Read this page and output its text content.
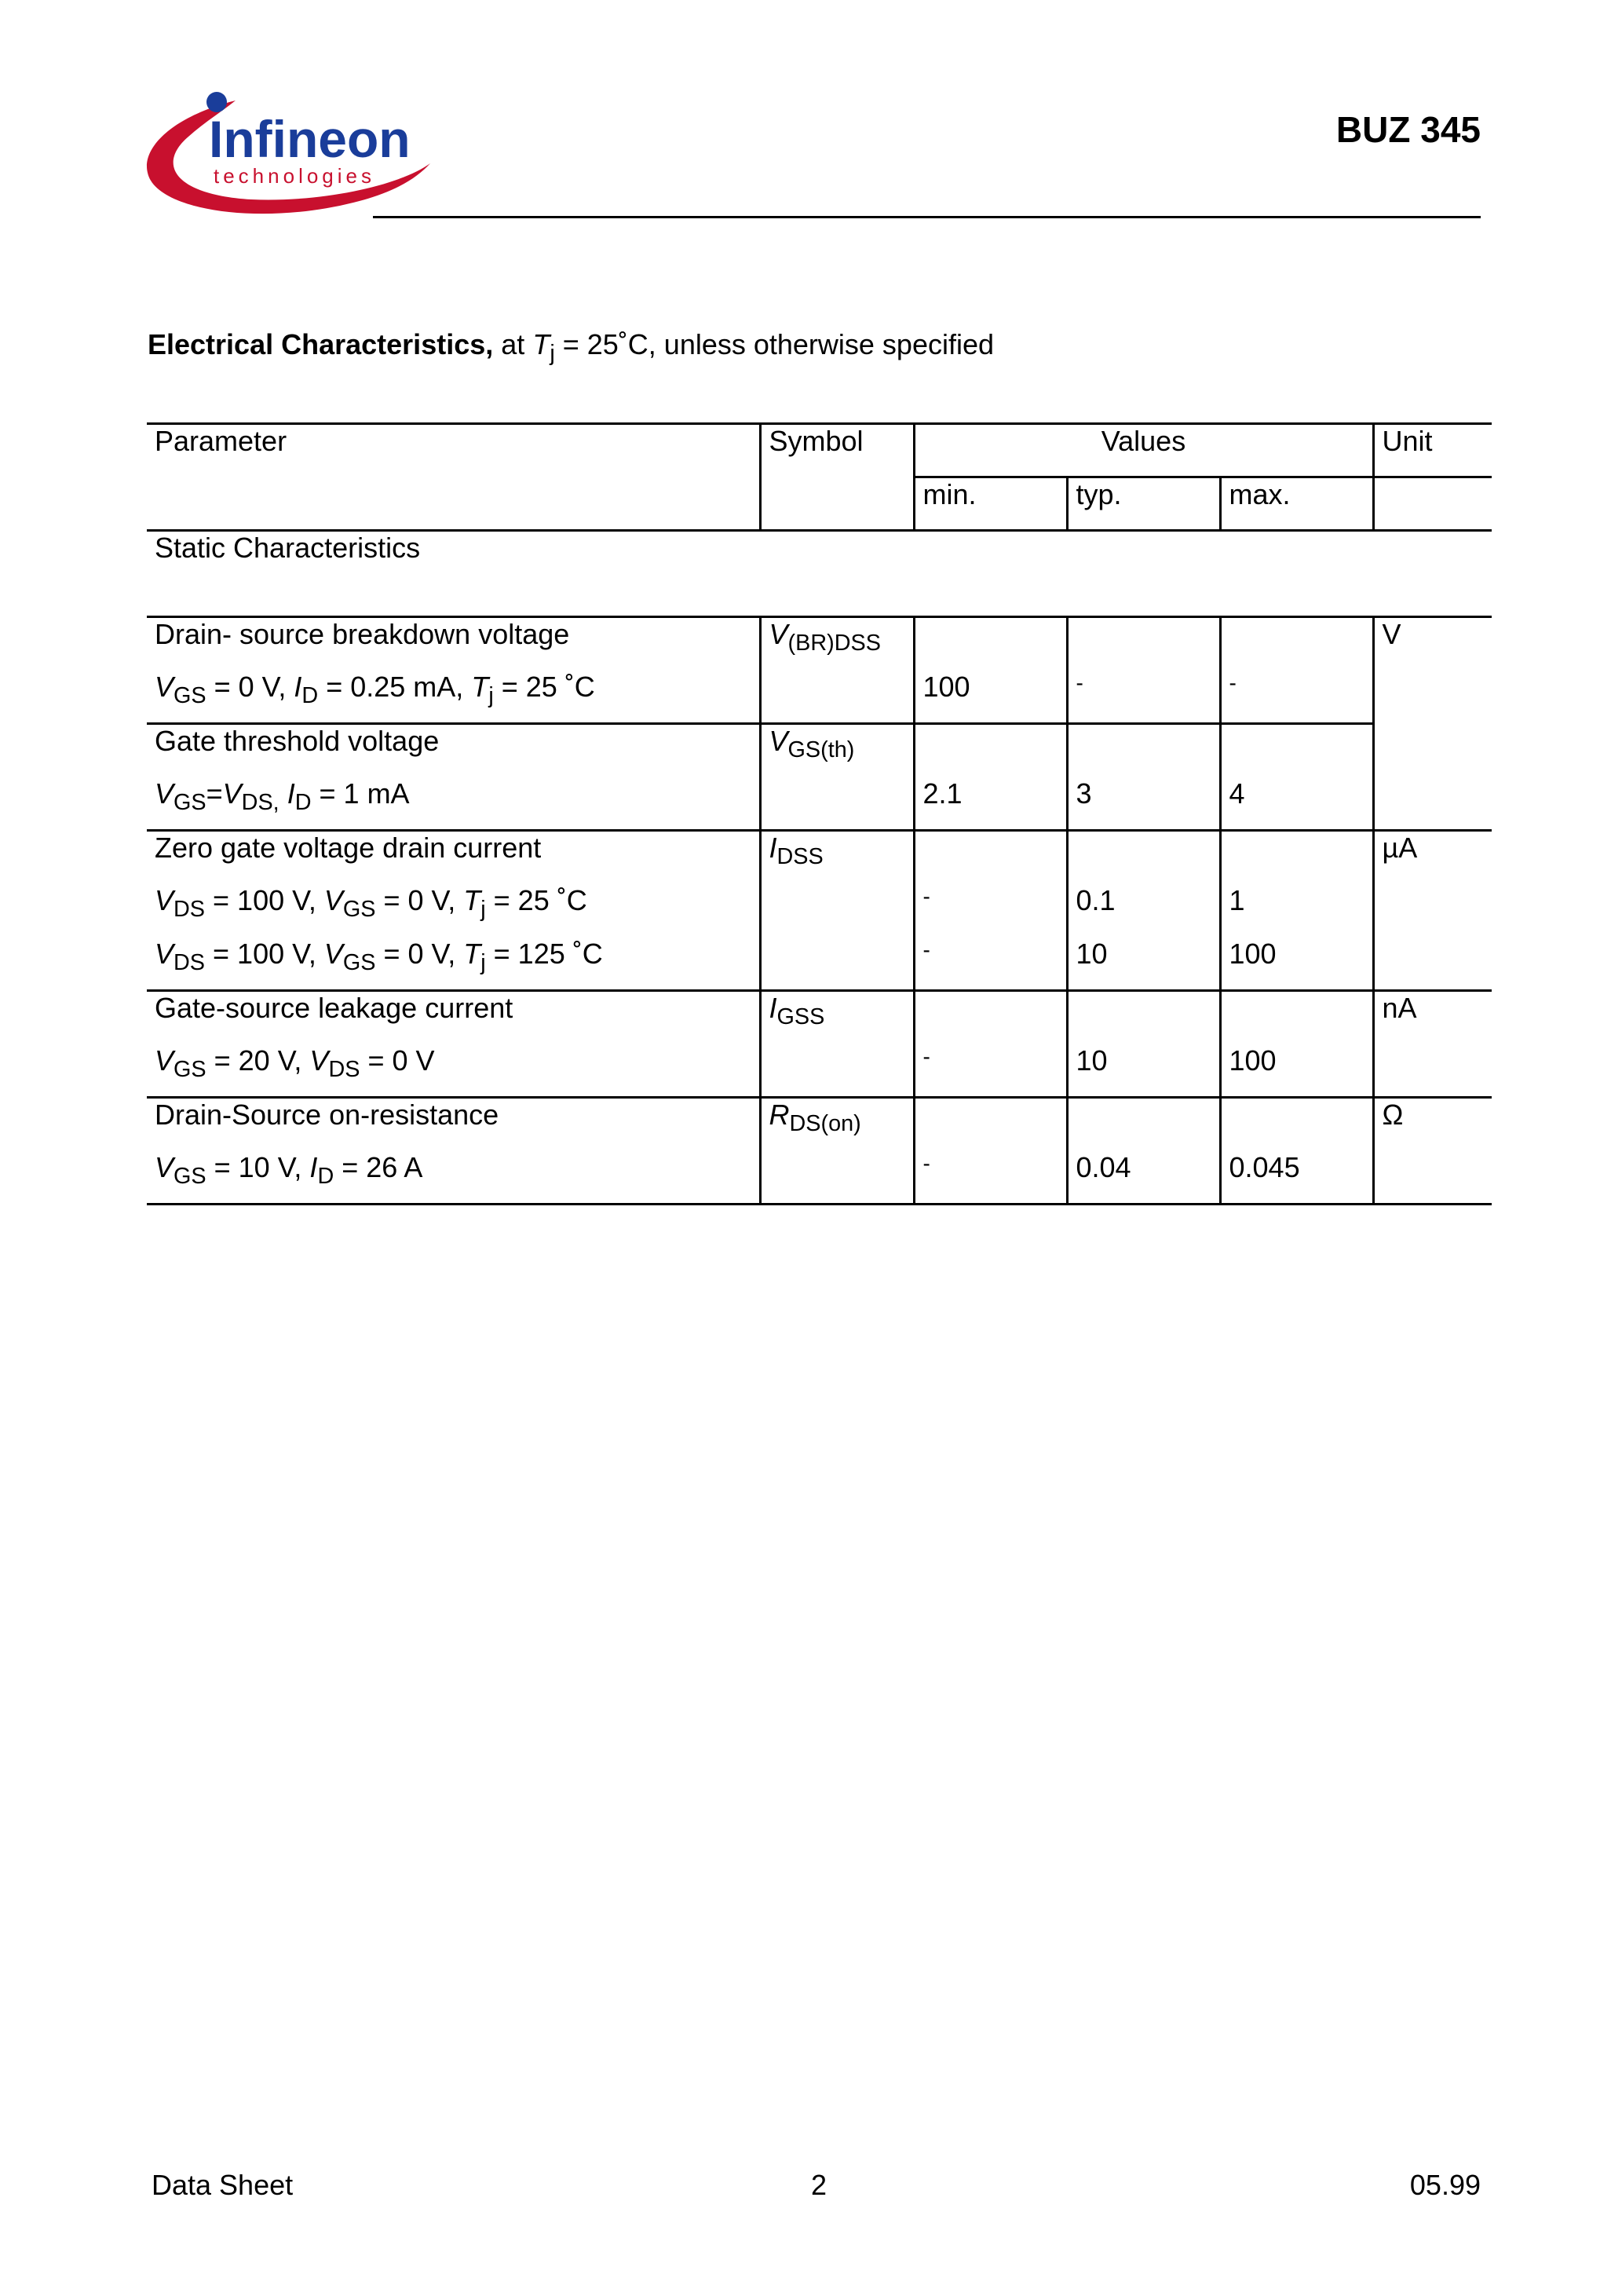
Infineon
technologies
BUZ 345
Electrical Characteristics, at $T_j$ = 25˚C, unless otherwise specified
Parameter	Symbol	Values			Unit
		min.	typ.	max.	
Static Characteristics					
Drain- source breakdown voltage	$V_{(BR)DSS}$				V
$V_{GS} = 0$ V, $I_D = 0.25$ mA, $T_j = 25$ ˚C		100	-	-	
Gate threshold voltage	$V_{GS(th)}$			
$V_{GS}=V_{DS,}$ $I_D = 1$ mA		2.1	3	4	
Zero gate voltage drain current	$I_{DSS}$				µA
$V_{DS} = 100$ V, $V_{GS} = 0$ V, $T_j = 25$ ˚C		-	0.1	1	
$V_{DS} = 100$ V, $V_{GS} = 0$ V, $T_j = 125$ ˚C		-	10	100	
Gate-source leakage current	$I_{GSS}$				nA
$V_{GS} = 20$ V, $V_{DS} = 0$ V		-	10	100	
Drain-Source on-resistance	$R_{DS(on)}$				Ω
$V_{GS} = 10$ V, $I_D = 26$ A		-	0.04	0.045	
Data Sheet	2	05.99
